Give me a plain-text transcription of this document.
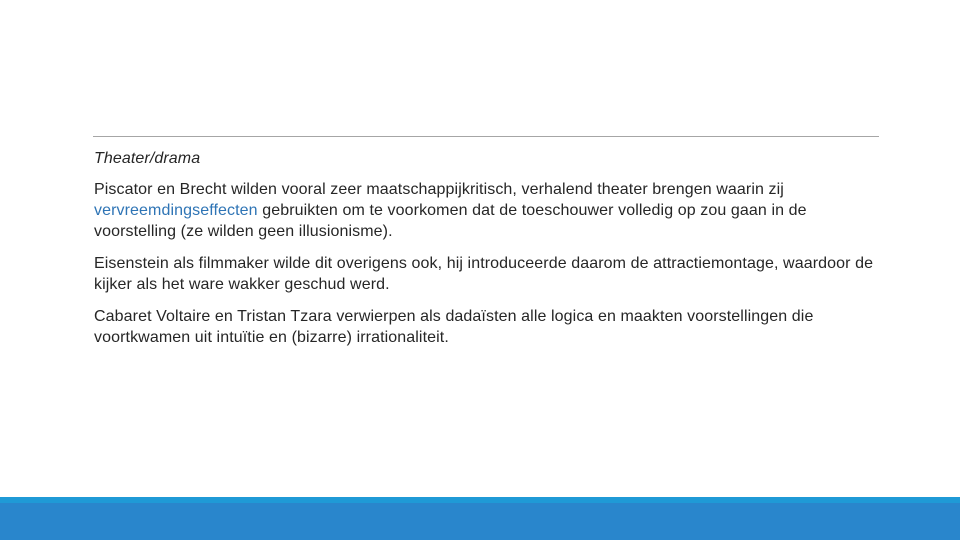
Theater/drama

Piscator en Brecht wilden vooral zeer maatschappijkritisch, verhalend theater brengen waarin zij vervreemdingseffecten gebruikten om te voorkomen dat de toeschouwer volledig op zou gaan in de voorstelling (ze wilden geen illusionisme).

Eisenstein als filmmaker wilde dit overigens ook, hij introduceerde daarom de attractiemontage, waardoor de kijker als het ware wakker geschud werd.

Cabaret Voltaire en Tristan Tzara verwierpen als dadaïsten alle logica en maakten voorstellingen die voortkwamen uit intuïtie en (bizarre) irrationaliteit.
